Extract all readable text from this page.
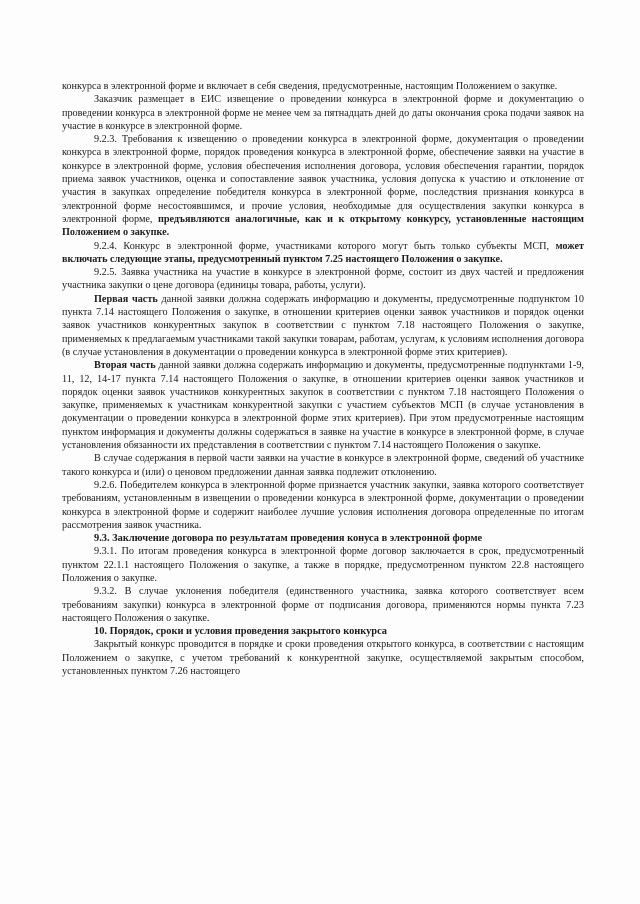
конкурса в электронной форме и включает в себя сведения, предусмотренные, настоящим Положением о закупке.

Заказчик размещает в ЕИС извещение о проведении конкурса в электронной форме и документацию о проведении конкурса в электронной форме не менее чем за пятнадцать дней до даты окончания срока подачи заявок на участие в конкурсе в электронной форме.

9.2.3. Требования к извещению о проведении конкурса в электронной форме, документация о проведении конкурса в электронной форме, порядок проведения конкурса в электронной форме, обеспечение заявки на участие в конкурсе в электронной форме, условия обеспечения исполнения договора, условия обеспечения гарантии, порядок приема заявок участников, оценка и сопоставление заявок участника, условия допуска к участию и отклонение от участия в закупках определение победителя конкурса в электронной форме, последствия признания конкурса в электронной форме несостоявшимся, и прочие условия, необходимые для осуществления закупки конкурса в электронной форме, предъявляются аналогичные, как и к открытому конкурсу, установленные настоящим Положением о закупке.

9.2.4. Конкурс в электронной форме, участниками которого могут быть только субъекты МСП, может включать следующие этапы, предусмотренный пунктом 7.25 настоящего Положения о закупке.

9.2.5. Заявка участника на участие в конкурсе в электронной форме, состоит из двух частей и предложения участника закупки о цене договора (единицы товара, работы, услуги).

Первая часть данной заявки должна содержать информацию и документы, предусмотренные подпунктом 10 пункта 7.14 настоящего Положения о закупке, в отношении критериев оценки заявок участников и порядок оценки заявок участников конкурентных закупок в соответствии с пунктом 7.18 настоящего Положения о закупке, применяемых к предлагаемым участниками такой закупки товарам, работам, услугам, к условиям исполнения договора (в случае установления в документации о проведении конкурса в электронной форме этих критериев).

Вторая часть данной заявки должна содержать информацию и документы, предусмотренные подпунктами 1-9, 11, 12, 14-17 пункта 7.14 настоящего Положения о закупке, в отношении критериев оценки заявок участников и порядок оценки заявок участников конкурентных закупок в соответствии с пунктом 7.18 настоящего Положения о закупке, применяемых к участникам конкурентной закупки с участием субъектов МСП (в случае установления в документации о проведении конкурса в электронной форме этих критериев). При этом предусмотренные настоящим пунктом информация и документы должны содержаться в заявке на участие в конкурсе в электронной форме, в случае установления обязанности их представления в соответствии с пунктом 7.14 настоящего Положения о закупке.

В случае содержания в первой части заявки на участие в конкурсе в электронной форме, сведений об участнике такого конкурса и (или) о ценовом предложении данная заявка подлежит отклонению.

9.2.6. Победителем конкурса в электронной форме признается участник закупки, заявка которого соответствует требованиям, установленным в извещении о проведении конкурса в электронной форме, документации о проведении конкурса в электронной форме и содержит наиболее лучшие условия исполнения договора определенные по итогам рассмотрения заявок участника.

9.3. Заключение договора по результатам проведения конуса в электронной форме

9.3.1. По итогам проведения конкурса в электронной форме договор заключается в срок, предусмотренный пунктом 22.1.1 настоящего Положения о закупке, а также в порядке, предусмотренном пунктом 22.8 настоящего Положения о закупке.

9.3.2. В случае уклонения победителя (единственного участника, заявка которого соответствует всем требованиям закупки) конкурса в электронной форме от подписания договора, применяются нормы пункта 7.23 настоящего Положения о закупке.

10. Порядок, сроки и условия проведения закрытого конкурса

Закрытый конкурс проводится в порядке и сроки проведения открытого конкурса, в соответствии с настоящим Положением о закупке, с учетом требований к конкурентной закупке, осуществляемой закрытым способом, установленных пунктом 7.26 настоящего
